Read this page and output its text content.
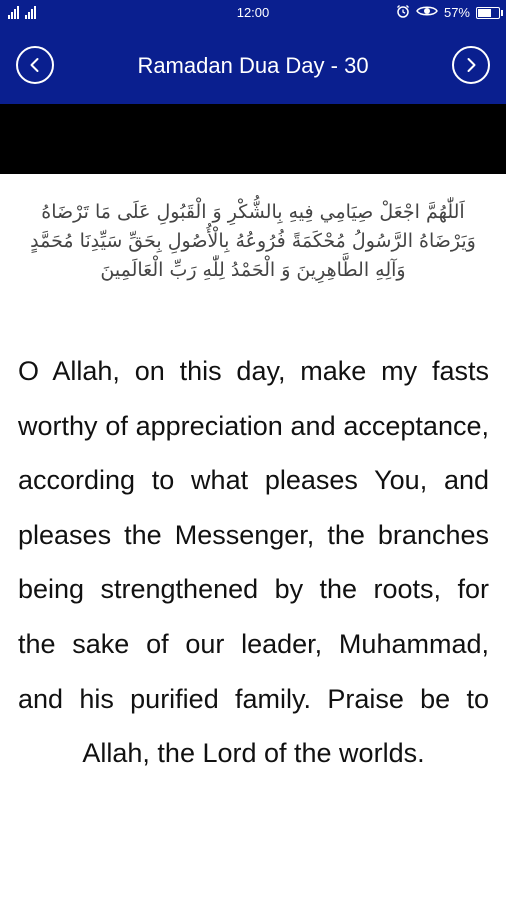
12:00	57%
Ramadan Dua Day - 30
اَللّٰهُمَّ اجْعَلْ صِيَامِي فِيهِ بِالشُّكْرِ وَ الْقَبُولِ عَلَى مَا تَرْضَاهُ وَيَرْضَاهُ الرَّسُولُ مُحْكَمَةً فُرُوعُهُ بِالْأُصُولِ بِحَقِّ سَيِّدِنَا مُحَمَّدٍ وَآلِهِ الطَّاهِرِينَ وَ الْحَمْدُ لِلّٰهِ رَبِّ الْعَالَمِينَ
O Allah, on this day, make my fasts worthy of appreciation and acceptance, according to what pleases You, and pleases the Messenger, the branches being strengthened by the roots, for the sake of our leader, Muhammad, and his purified family. Praise be to Allah, the Lord of the worlds.
